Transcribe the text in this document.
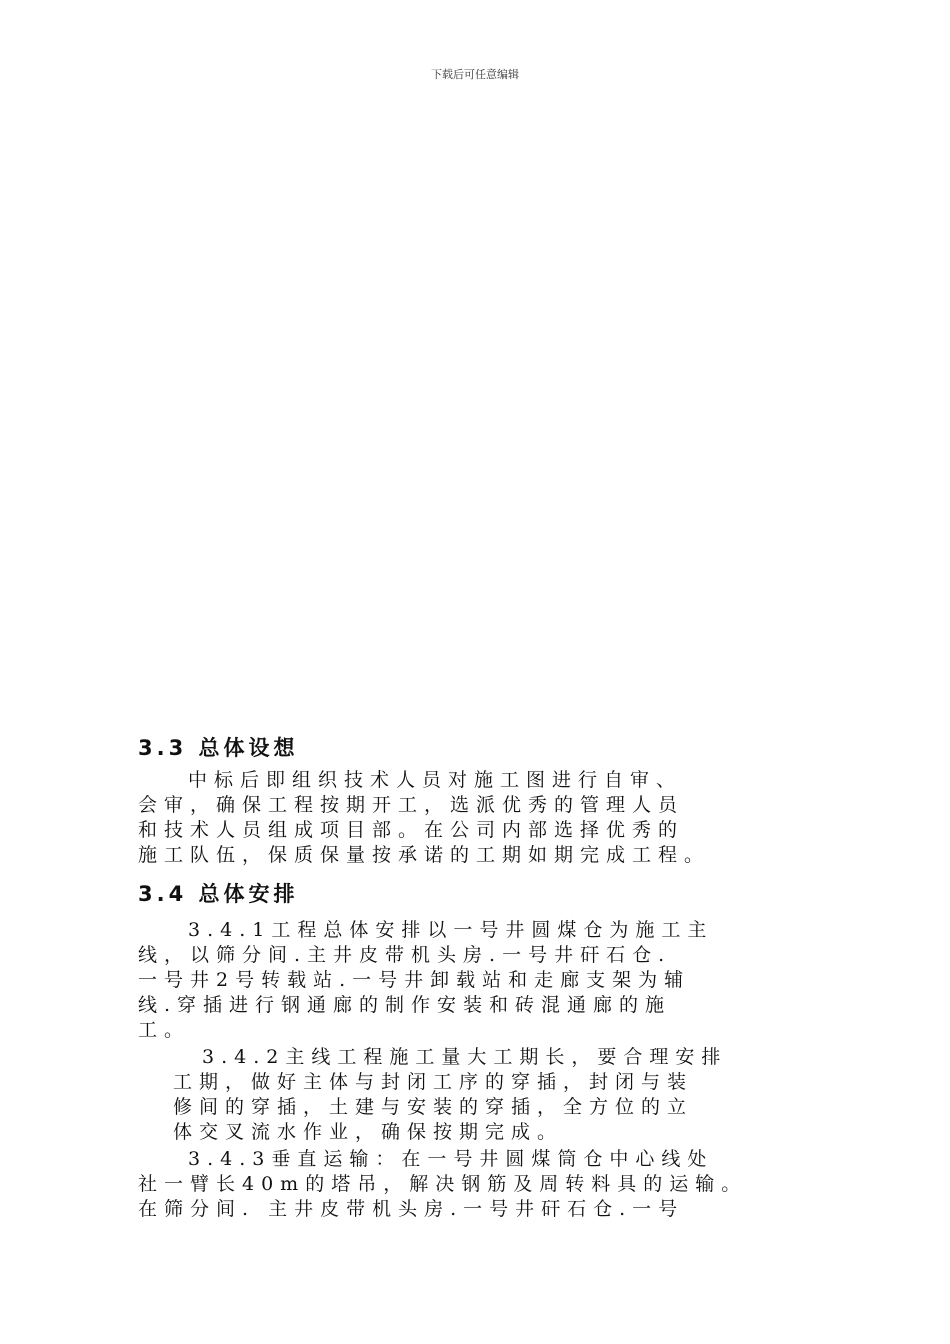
下载后可任意编辑
3.3 总体设想
中标后即组织技术人员对施工图进行自审、
会审，确保工程按期开工，选派优秀的管理人员
和技术人员组成项目部。在公司内部选择优秀的
施工队伍，保质保量按承诺的工期如期完成工程。
3.4 总体安排
3.4.1工程总体安排以一号井圆煤仓为施工主
线，以筛分间.主井皮带机头房.一号井矸石仓.
一号井2号转载站.一号井卸载站和走廊支架为辅
线.穿插进行钢通廊的制作安装和砖混通廊的施
工。
3.4.2主线工程施工量大工期长，要合理安排
工期，做好主体与封闭工序的穿插，封闭与装
修间的穿插，土建与安装的穿插，全方位的立
体交叉流水作业，确保按期完成。
3.4.3垂直运输：在一号井圆煤筒仓中心线处
社一臂长40m的塔吊，解决钢筋及周转料具的运输。
在筛分间. 主井皮带机头房.一号井矸石仓.一号
